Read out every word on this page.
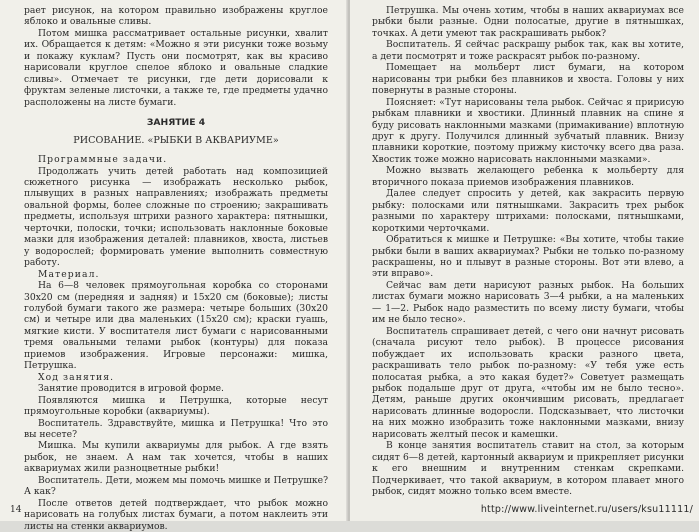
рает рисунок, на котором правильно изображены круглое яблоко и овальные сливы.

Потом мишка рассматривает остальные рисунки, хвалит их. Обращается к детям: «Можно я эти рисунки тоже возьму и покажу куклам? Пусть они посмотрят, как вы красиво нарисовали круглое спелое яблоко и овальные сладкие сливы». Отмечает те рисунки, где дети дорисовали к фруктам зеленые листочки, а также те, где предметы удачно расположены на листе бумаги.

ЗАНЯТИЕ 4
РИСОВАНИЕ. «РЫБКИ В АКВАРИУМЕ»

Программные задачи.

Продолжать учить детей работать над композицией сюжетного рисунка — изображать несколько рыбок, плывущих в разных направлениях; изображать предметы овальной формы, более сложные по строению; закрашивать предметы, используя штрихи разного характера: пятнышки, черточки, полоски, точки; использовать наклонные боковые мазки для изображения деталей: плавников, хвоста, листьев у водорослей; формировать умение выполнить совместную работу.

Материал.

На 6—8 человек прямоугольная коробка со сторонами 30х20 см (передняя и задняя) и 15х20 см (боковые); листы голубой бумаги такого же размера: четыре больших (30х20 см) и четыре или два маленьких (15х20 см); краски гуашь, мягкие кисти. У воспитателя лист бумаги с нарисованными тремя овальными телами рыбок (контуры) для показа приемов изображения. Игровые персонажи: мишка, Петрушка.

Ход занятия.

Занятие проводится в игровой форме.

Появляются мишка и Петрушка, которые несут прямоугольные коробки (аквариумы).

Воспитатель. Здравствуйте, мишка и Петрушка! Что это вы несете?

Мишка. Мы купили аквариумы для рыбок. А где взять рыбок, не знаем. А нам так хочется, чтобы в наших аквариумах жили разноцветные рыбки!

Воспитатель. Дети, можем мы помочь мишке и Петрушке? А как?

После ответов детей подтверждает, что рыбок можно нарисовать на голубых листах бумаги, а потом наклеить эти листы на стенки аквариумов.

14

Петрушка. Мы очень хотим, чтобы в наших аквариумах все рыбки были разные. Одни полосатые, другие в пятнышках, точках. А дети умеют так раскрашивать рыбок?

Воспитатель. Я сейчас раскрашу рыбок так, как вы хотите, а дети посмотрят и тоже раскрасят рыбок по-разному.

Помещает на мольберт лист бумаги, на котором нарисованы три рыбки без плавников и хвоста. Головы у них повернуты в разные стороны.

Поясняет: «Тут нарисованы тела рыбок. Сейчас я пририсую рыбкам плавники и хвостики. Длинный плавник на спине я буду рисовать наклонными мазками (примакивание) вплотную друг к другу. Получился длинный зубчатый плавник. Внизу плавники короткие, поэтому прижму кисточку всего два раза. Хвостик тоже можно нарисовать наклонными мазками».

Можно вызвать желающего ребенка к мольберту для вторичного показа приемов изображения плавников.

Далее следует спросить у детей, как закрасить первую рыбку: полосками или пятнышками. Закрасить трех рыбок разными по характеру штрихами: полосками, пятнышками, короткими черточками.

Обратиться к мишке и Петрушке: «Вы хотите, чтобы такие рыбки были в ваших аквариумах? Рыбки не только по-разному раскрашены, но и плывут в разные стороны. Вот эти влево, а эти вправо».

Сейчас вам дети нарисуют разных рыбок. На больших листах бумаги можно нарисовать 3—4 рыбки, а на маленьких — 1—2. Рыбок надо разместить по всему листу бумаги, чтобы им не было тесно».

Воспитатель спрашивает детей, с чего они начнут рисовать (сначала рисуют тело рыбок). В процессе рисования побуждает их использовать краски разного цвета, раскрашивать тело рыбок по-разному: «У тебя уже есть полосатая рыбка, а это какая будет?» Советует размещать рыбок подальше друг от друга, «чтобы им не было тесно». Детям, раньше других окончившим рисовать, предлагает нарисовать длинные водоросли. Подсказывает, что листочки на них можно изобразить тоже наклонными мазками, внизу нарисовать желтый песок и камешки.

В конце занятия воспитатель ставит на стол, за которым сидят 6—8 детей, картонный аквариум и прикрепляет рисунки к его внешним и внутренним стенкам скрепками. Подчеркивает, что такой аквариум, в котором плавает много рыбок, сидят можно только всем вместе.

http://www.liveinternet.ru/users/ksu11111/
